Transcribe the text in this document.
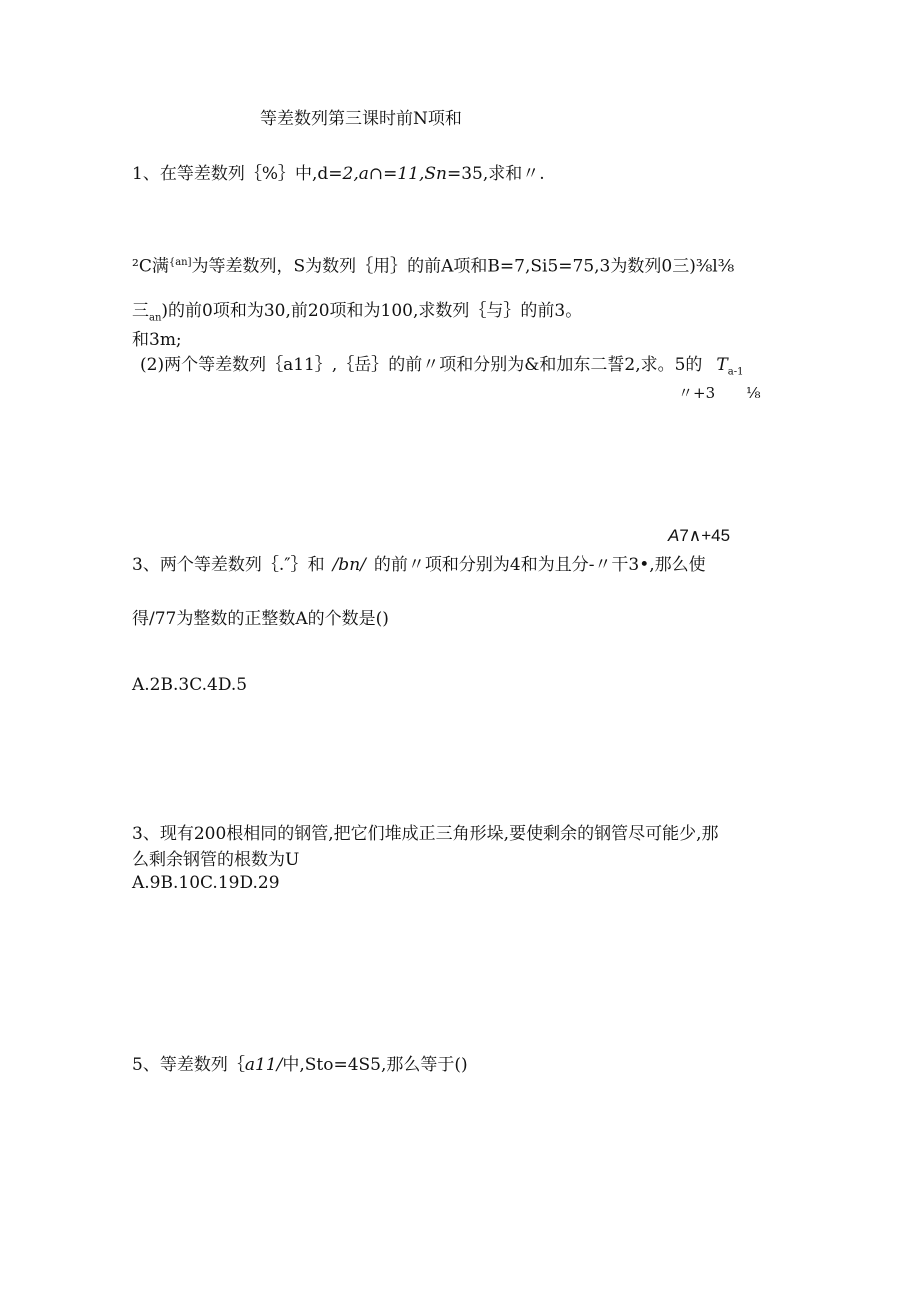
等差数列第三课时前N项和
1、在等差数列｛%｝中,d=2,a∩=11,Sn=35,求和〃.
²C满$^{\{an]}$为等差数列，S为数列｛用｝的前A项和B=7,Si5=75,3为数列0三)⅜l⅜
三$_{an}$)的前0项和为30,前20项和为100,求数列｛与｝的前3。
和3m;
(2)两个等差数列｛a11｝,｛岳｝的前〃项和分别为&和加东二誓2,求。5的 $T_{a-1}$
〃+3 ⅛
A7∧+45
3、两个等差数列｛.″｝和 /bn/ 的前〃项和分别为4和为且分-〃干3•,那么使
得/77为整数的正整数A的个数是()
A.2B.3C.4D.5
3、现有200根相同的钢管,把它们堆成正三角形垛,要使剩余的钢管尽可能少,那
么剩余钢管的根数为U
A.9B.10C.19D.29
5、等差数列｛a11/中,Sto=4S5,那么等于()
